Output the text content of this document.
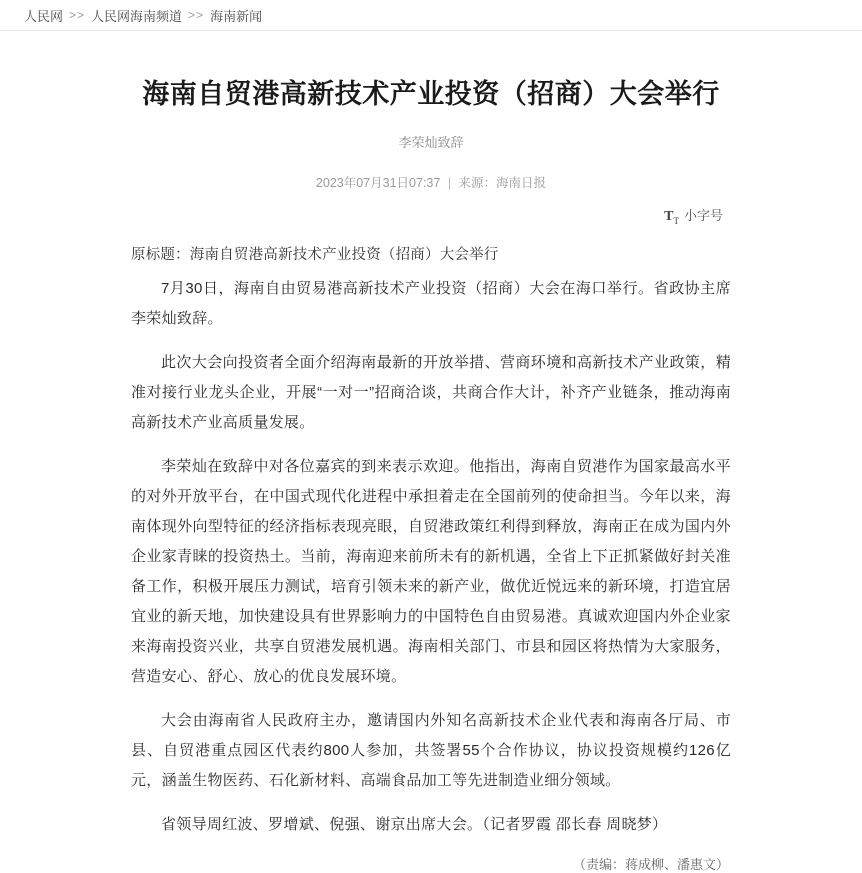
人民网 >> 人民网海南频道 >> 海南新闻
海南自贸港高新技术产业投资（招商）大会举行
李荣灿致辞
2023年07月31日07:37 | 来源：海南日报
$T_T$ 小字号
原标题：海南自贸港高新技术产业投资（招商）大会举行

7月30日，海南自由贸易港高新技术产业投资（招商）大会在海口举行。省政协主席李荣灿致辞。

此次大会向投资者全面介绍海南最新的开放举措、营商环境和高新技术产业政策，精准对接行业龙头企业，开展“一对一”招商洽谈，共商合作大计，补齐产业链条，推动海南高新技术产业高质量发展。

李荣灿在致辞中对各位嘉宾的到来表示欢迎。他指出，海南自贸港作为国家最高水平的对外开放平台，在中国式现代化进程中承担着走在全国前列的使命担当。今年以来，海南体现外向型特征的经济指标表现亮眼，自贸港政策红利得到释放，海南正在成为国内外企业家青睐的投资热土。当前，海南迎来前所未有的新机遇，全省上下正抓紧做好封关准备工作，积极开展压力测试，培育引领未来的新产业，做优近悦远来的新环境，打造宜居宜业的新天地，加快建设具有世界影响力的中国特色自由贸易港。真诚欢迎国内外企业家来海南投资兴业，共享自贸港发展机遇。海南相关部门、市县和园区将热情为大家服务，营造安心、舒心、放心的优良发展环境。

大会由海南省人民政府主办，邀请国内外知名高新技术企业代表和海南各厅局、市县、自贸港重点园区代表约800人参加，共签署55个合作协议，协议投资规模约126亿元，涵盖生物医药、石化新材料、高端食品加工等先进制造业细分领域。

省领导周红波、罗增斌、倪强、谢京出席大会。（记者罗霞 邵长春 周晓梦）

（责编：蒋成柳、潘惠文）
